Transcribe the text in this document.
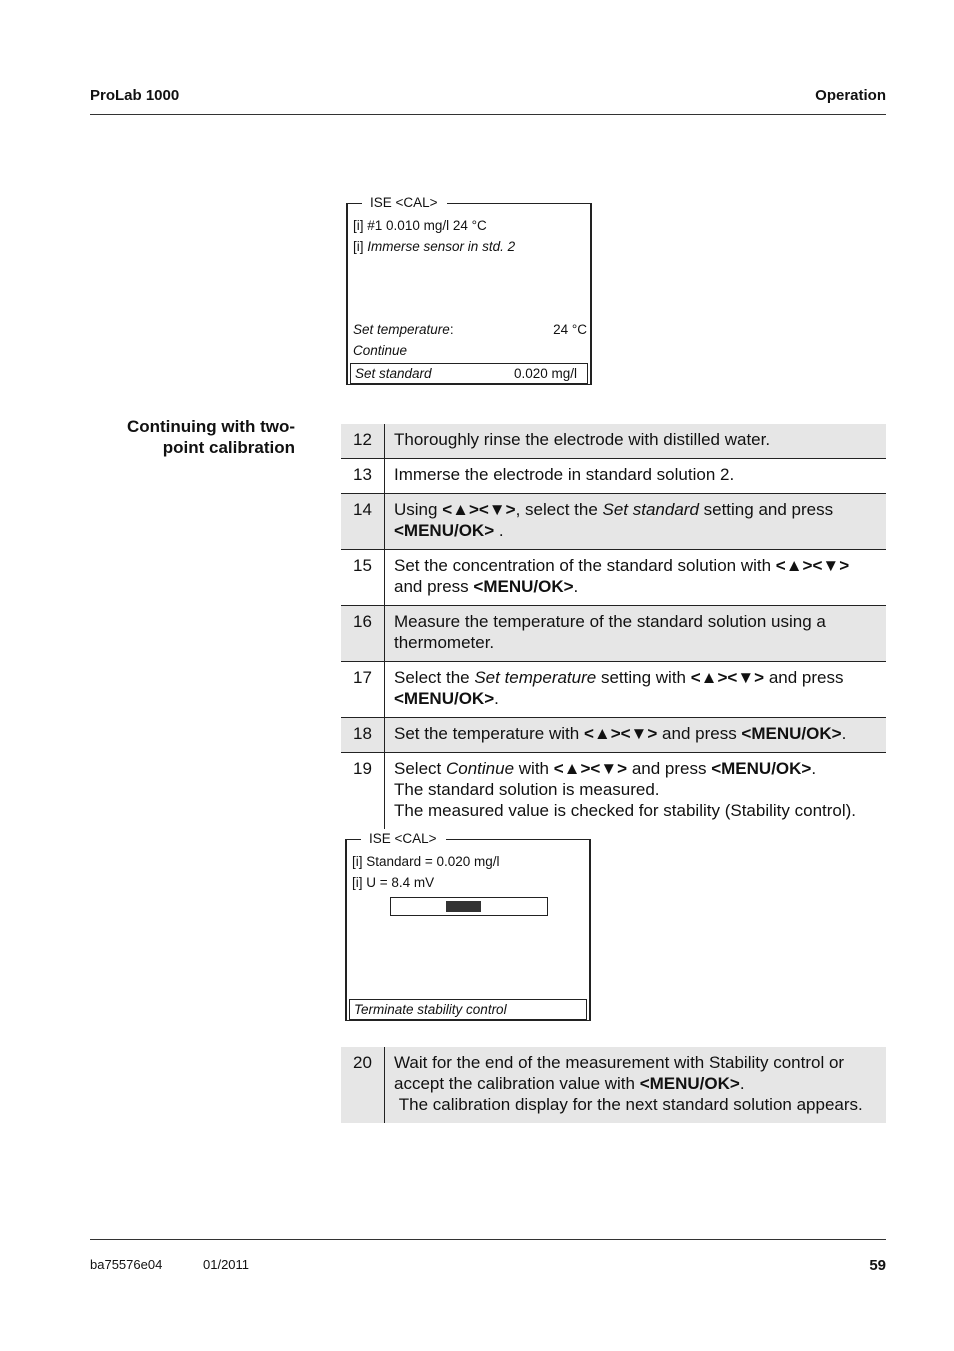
ProLab 1000	Operation
ISE <CAL>
[i] #1 0.010 mg/l 24 °C
[i] Immerse sensor in std. 2
Set temperature:	24 °C
Continue
Set standard	0.020 mg/l
Continuing with two-point calibration	12	Thoroughly rinse the electrode with distilled water.

13	Immerse the electrode in standard solution 2.

14	Using <▲><▼>, select the Set standard setting and press <MENU/OK> .

15	Set the concentration of the standard solution with <▲><▼> and press <MENU/OK>.

16	Measure the temperature of the standard solution using a thermometer.

17	Select the Set temperature setting with <▲><▼> and press <MENU/OK>.

18	Set the temperature with <▲><▼> and press <MENU/OK>.

19	Select Continue with <▲><▼> and press <MENU/OK>.

The standard solution is measured.

The measured value is checked for stability (Stability control).

ISE <CAL>
[i] Standard = 0.020 mg/l
[i] U = 8.4 mV
Terminate stability control
20	Wait for the end of the measurement with Stability control or accept the calibration value with <MENU/OK>.

The calibration display for the next standard solution appears.

ba75576e04	01/2011	59
